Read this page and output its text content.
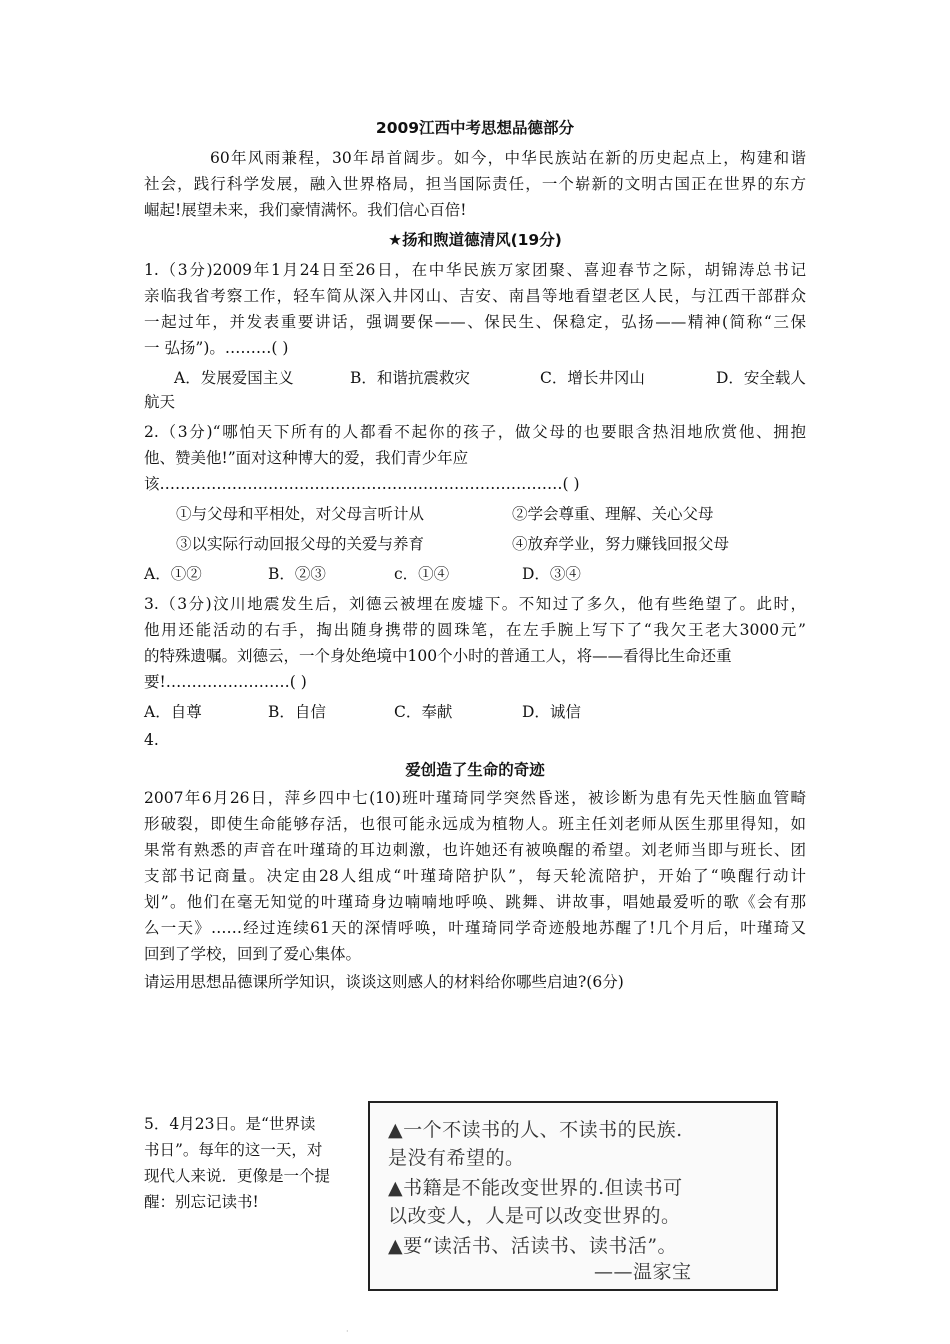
2009江西中考思想品德部分
60年风雨兼程，30年昂首阔步。如今，中华民族站在新的历史起点上，构建和谐
社会，践行科学发展，融入世界格局，担当国际责任，一个崭新的文明古国正在世界的东方
崛起!展望未来，我们豪情满怀。我们信心百倍!
★扬和煦道德清风(19分)
1.（3分)2009年1月24日至26日，在中华民族万家团聚、喜迎春节之际，胡锦涛总书记
亲临我省考察工作，轻车简从深入井冈山、吉安、南昌等地看望老区人民，与江西干部群众
一起过年，并发表重要讲话，强调要保——、保民生、保稳定，弘扬——精神(简称“三保
一 弘扬”)。………( )
A．发展爱国主义	B．和谐抗震救灾	C．增长井冈山	D．安全载人
航天
2.（3分)“哪怕天下所有的人都看不起你的孩子，做父母的也要眼含热泪地欣赏他、拥抱
他、赞美他!”面对这种博大的爱，我们青少年应
该……………………………………………………………………( )
①与父母和平相处，对父母言听计从	②学会尊重、理解、关心父母
③以实际行动回报父母的关爱与养育	④放弃学业，努力赚钱回报父母
A．①②	B．②③	c．①④	D．③④
3.（3分)汶川地震发生后，刘德云被埋在废墟下。不知过了多久，他有些绝望了。此时，
他用还能活动的右手，掏出随身携带的圆珠笔，在左手腕上写下了“我欠王老大3000元”
的特殊遗嘱。刘德云，一个身处绝境中100个小时的普通工人，将——看得比生命还重
要!……………………( )
A．自尊	B．自信	C．奉献	D．诚信
4.
爱创造了生命的奇迹
2007年6月26日，萍乡四中七(10)班叶瑾琦同学突然昏迷，被诊断为患有先天性脑血管畸
形破裂，即使生命能够存活，也很可能永远成为植物人。班主任刘老师从医生那里得知，如
果常有熟悉的声音在叶瑾琦的耳边刺激，也许她还有被唤醒的希望。刘老师当即与班长、团
支部书记商量。决定由28人组成“叶瑾琦陪护队”，每天轮流陪护，开始了“唤醒行动计
划”。他们在毫无知觉的叶瑾琦身边喃喃地呼唤、跳舞、讲故事，唱她最爱听的歌《会有那
么一天》……经过连续61天的深情呼唤，叶瑾琦同学奇迹般地苏醒了!几个月后，叶瑾琦又
回到了学校，回到了爱心集体。
请运用思想品德课所学知识，谈谈这则感人的材料给你哪些启迪?(6分)
5．4月23日。是“世界读
书日”。每年的这一天，对
现代人来说．更像是一个提
醒：别忘记读书!
▲一个不读书的人、不读书的民族.
是没有希望的。
▲书籍是不能改变世界的.但读书可
以改变人，人是可以改变世界的。
▲要“读活书、活读书、读书活”。
——温家宝
·
